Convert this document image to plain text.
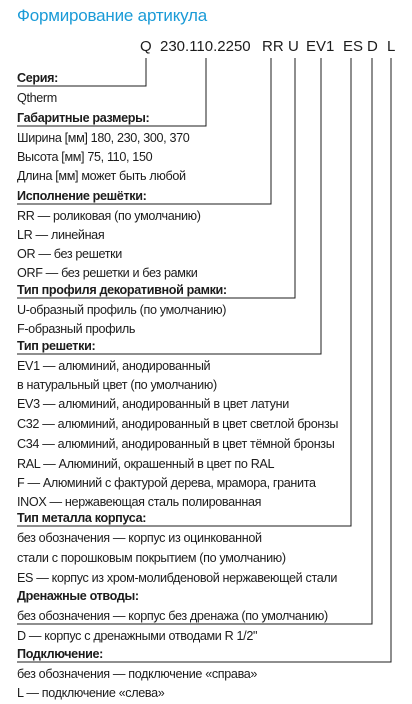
Формирование артикула
Q 230.110.2250 RR U EV1 ES D L
Серия:
Qtherm
Габаритные размеры:
Ширина [мм] 180, 230, 300, 370
Высота [мм] 75, 110, 150
Длина [мм] может быть любой
Исполнение решётки:
RR — роликовая (по умолчанию)
LR — линейная
OR — без решетки
ORF — без решетки и без рамки
Тип профиля декоративной рамки:
U-образный профиль (по умолчанию)
F-образный профиль
Тип решетки:
EV1 — алюминий, анодированный
в натуральный цвет (по умолчанию)
EV3 — алюминий, анодированный в цвет латуни
C32 — алюминий, анодированный в цвет светлой бронзы
C34 — алюминий, анодированный в цвет тёмной бронзы
RAL — Алюминий, окрашенный в цвет по RAL
F — Алюминий с фактурой дерева, мрамора, гранита
INOX — нержавеющая сталь полированная
Тип металла корпуса:
без обозначения — корпус из оцинкованной
стали с порошковым покрытием (по умолчанию)
ES — корпус из хром-молибденовой нержавеющей стали
Дренажные отводы:
без обозначения — корпус без дренажа (по умолчанию)
D — корпус с дренажными отводами R 1/2"
Подключение:
без обозначения — подключение «справа»
L — подключение «слева»
